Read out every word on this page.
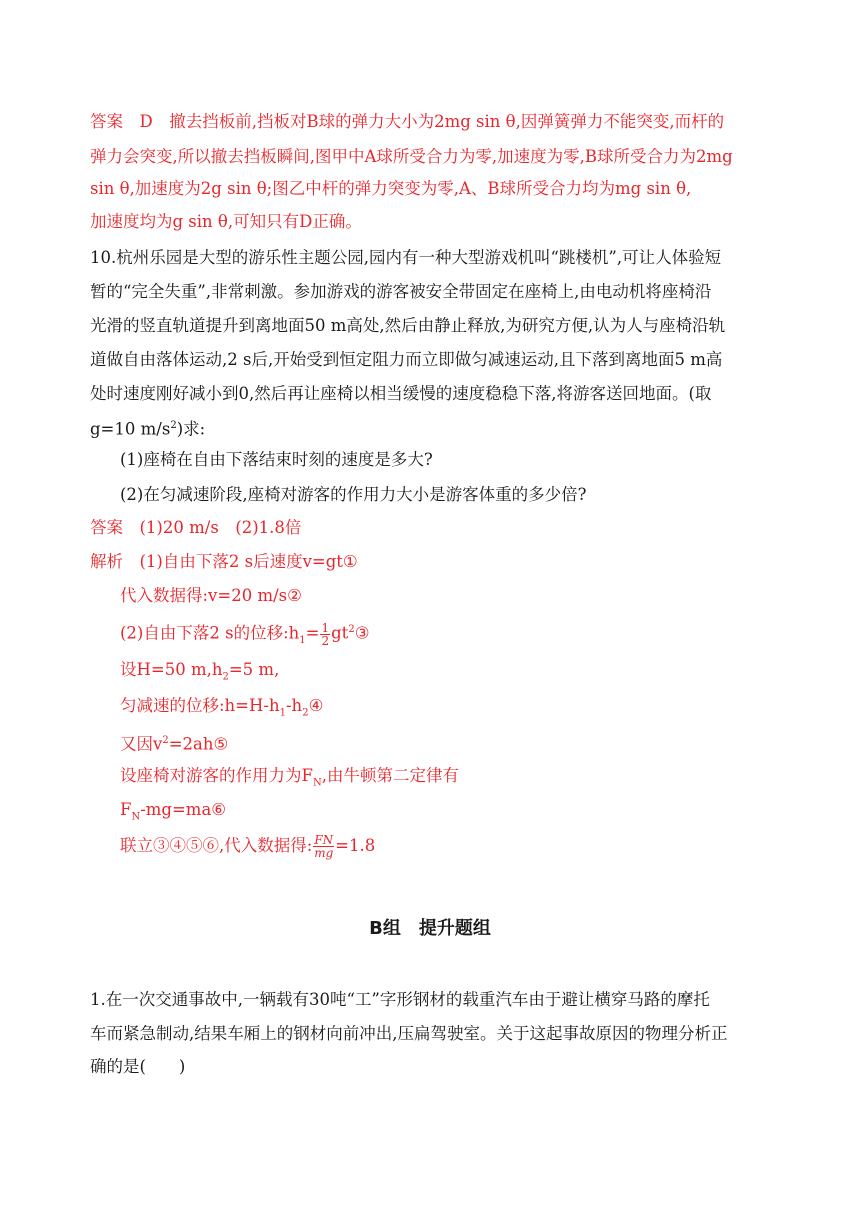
答案　D　撤去挡板前,挡板对B球的弹力大小为2mg sin θ,因弹簧弹力不能突变,而杆的
弹力会突变,所以撤去挡板瞬间,图甲中A球所受合力为零,加速度为零,B球所受合力为2mg
sin θ,加速度为2g sin θ;图乙中杆的弹力突变为零,A、B球所受合力均为mg sin θ,
加速度均为g sin θ,可知只有D正确。
10.杭州乐园是大型的游乐性主题公园,园内有一种大型游戏机叫“跳楼机”,可让人体验短
暂的“完全失重”,非常刺激。参加游戏的游客被安全带固定在座椅上,由电动机将座椅沿
光滑的竖直轨道提升到离地面50 m高处,然后由静止释放,为研究方便,认为人与座椅沿轨
道做自由落体运动,2 s后,开始受到恒定阻力而立即做匀减速运动,且下落到离地面5 m高
处时速度刚好减小到0,然后再让座椅以相当缓慢的速度稳稳下落,将游客送回地面。(取
g=10 $m/s^2$)求:
(1)座椅在自由下落结束时刻的速度是多大?
(2)在匀减速阶段,座椅对游客的作用力大小是游客体重的多少倍?
答案　(1)20 m/s　(2)1.8倍
解析　(1)自由下落2 s后速度v=gt①
代入数据得:v=20 m/s②
(2)自由下落2 s的位移$:h_1= \frac{1}{2}$ $gt^2③$
设H=50 $m,h_2=5$ m,
匀减速的位移$:h=H-h_1-h_2④$
又因$v^2=2ah⑤$
设座椅对游客的作用力为$F_N$,由牛顿第二定律有
$F_N-mg=ma⑥$
联立③④⑤⑥,代入数据得: $\frac{FN}{mg} =1.8$
B组　提升题组
1.在一次交通事故中,一辆载有30吨“工”字形钢材的载重汽车由于避让横穿马路的摩托
车而紧急制动,结果车厢上的钢材向前冲出,压扁驾驶室。关于这起事故原因的物理分析正
确的是(　　)
